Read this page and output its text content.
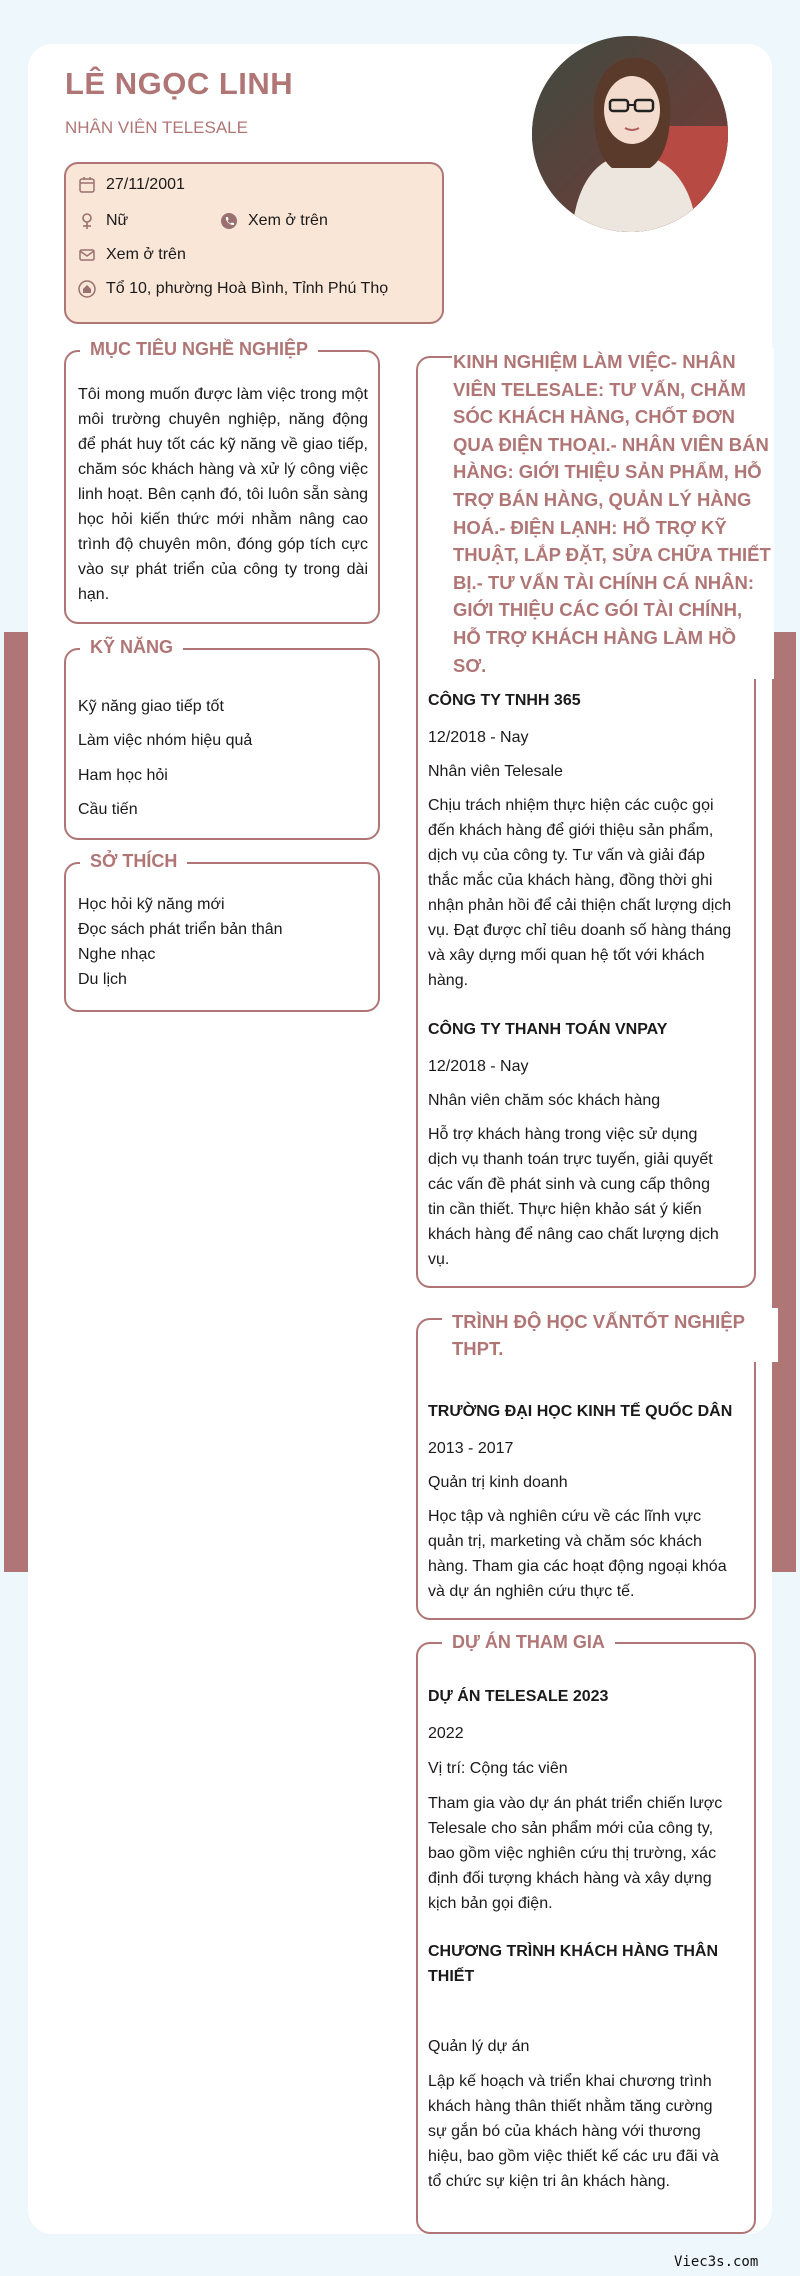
LÊ NGỌC LINH
NHÂN VIÊN TELESALE
27/11/2001
Nữ	Xem ở trên
Xem ở trên
Tổ 10, phường Hoà Bình, Tỉnh Phú Thọ
MỤC TIÊU NGHỀ NGHIỆP
Tôi mong muốn được làm việc trong một môi trường chuyên nghiệp, năng động để phát huy tốt các kỹ năng về giao tiếp, chăm sóc khách hàng và xử lý công việc linh hoạt. Bên cạnh đó, tôi luôn sẵn sàng học hỏi kiến thức mới nhằm nâng cao trình độ chuyên môn, đóng góp tích cực vào sự phát triển của công ty trong dài hạn.
KỸ NĂNG
Kỹ năng giao tiếp tốt
Làm việc nhóm hiệu quả
Ham học hỏi
Cầu tiến
SỞ THÍCH
Học hỏi kỹ năng mới
Đọc sách phát triển bản thân
Nghe nhạc
Du lịch
KINH NGHIỆM LÀM VIỆC- NHÂN VIÊN TELESALE: TƯ VẤN, CHĂM SÓC KHÁCH HÀNG, CHỐT ĐƠN QUA ĐIỆN THOẠI.- NHÂN VIÊN BÁN HÀNG: GIỚI THIỆU SẢN PHẨM, HỖ TRỢ BÁN HÀNG, QUẢN LÝ HÀNG HOÁ.- ĐIỆN LẠNH: HỖ TRỢ KỸ THUẬT, LẮP ĐẶT, SỬA CHỮA THIẾT BỊ.- TƯ VẤN TÀI CHÍNH CÁ NHÂN: GIỚI THIỆU CÁC GÓI TÀI CHÍNH, HỖ TRỢ KHÁCH HÀNG LÀM HỒ SƠ.
CÔNG TY TNHH 365
12/2018 - Nay
Nhân viên Telesale
Chịu trách nhiệm thực hiện các cuộc gọi đến khách hàng để giới thiệu sản phẩm, dịch vụ của công ty. Tư vấn và giải đáp thắc mắc của khách hàng, đồng thời ghi nhận phản hồi để cải thiện chất lượng dịch vụ. Đạt được chỉ tiêu doanh số hàng tháng và xây dựng mối quan hệ tốt với khách hàng.
CÔNG TY THANH TOÁN VNPAY
12/2018 - Nay
Nhân viên chăm sóc khách hàng
Hỗ trợ khách hàng trong việc sử dụng dịch vụ thanh toán trực tuyến, giải quyết các vấn đề phát sinh và cung cấp thông tin cần thiết. Thực hiện khảo sát ý kiến khách hàng để nâng cao chất lượng dịch vụ.
TRÌNH ĐỘ HỌC VẤNTỐT NGHIỆP THPT.
TRƯỜNG ĐẠI HỌC KINH TẾ QUỐC DÂN
2013 - 2017
Quản trị kinh doanh
Học tập và nghiên cứu về các lĩnh vực quản trị, marketing và chăm sóc khách hàng. Tham gia các hoạt động ngoại khóa và dự án nghiên cứu thực tế.
DỰ ÁN THAM GIA
DỰ ÁN TELESALE 2023
2022
Vị trí: Cộng tác viên
Tham gia vào dự án phát triển chiến lược Telesale cho sản phẩm mới của công ty, bao gồm việc nghiên cứu thị trường, xác định đối tượng khách hàng và xây dựng kịch bản gọi điện.
CHƯƠNG TRÌNH KHÁCH HÀNG THÂN THIẾT
Quản lý dự án
Lập kế hoạch và triển khai chương trình khách hàng thân thiết nhằm tăng cường sự gắn bó của khách hàng với thương hiệu, bao gồm việc thiết kế các ưu đãi và tổ chức sự kiện tri ân khách hàng.
Viec3s.com
